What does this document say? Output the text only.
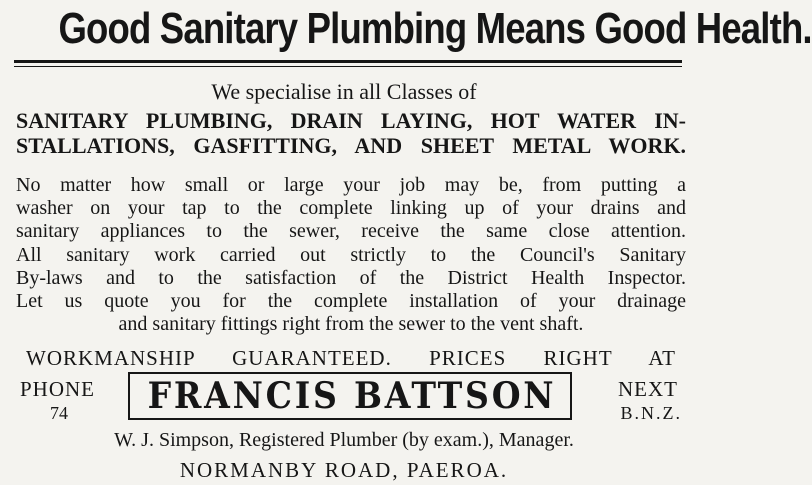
Good Sanitary Plumbing Means Good Health.
We specialise in all Classes of
SANITARY PLUMBING, DRAIN LAYING, HOT WATER IN-
STALLATIONS, GASFITTING, AND SHEET METAL WORK.
No matter how small or large your job may be, from putting a
washer on your tap to the complete linking up of your drains and
sanitary appliances to the sewer, receive the same close attention.
All sanitary work carried out strictly to the Council's Sanitary
By-laws and to the satisfaction of the District Health Inspector.
Let us quote you for the complete installation of your drainage
and sanitary fittings right from the sewer to the vent shaft.
WORKMANSHIP GUARANTEED. PRICES RIGHT AT
PHONE
74 FRANCIS BATTSON	NEXT
B.N.Z.
W. J. Simpson, Registered Plumber (by exam.), Manager.
NORMANBY ROAD, PAEROA.
